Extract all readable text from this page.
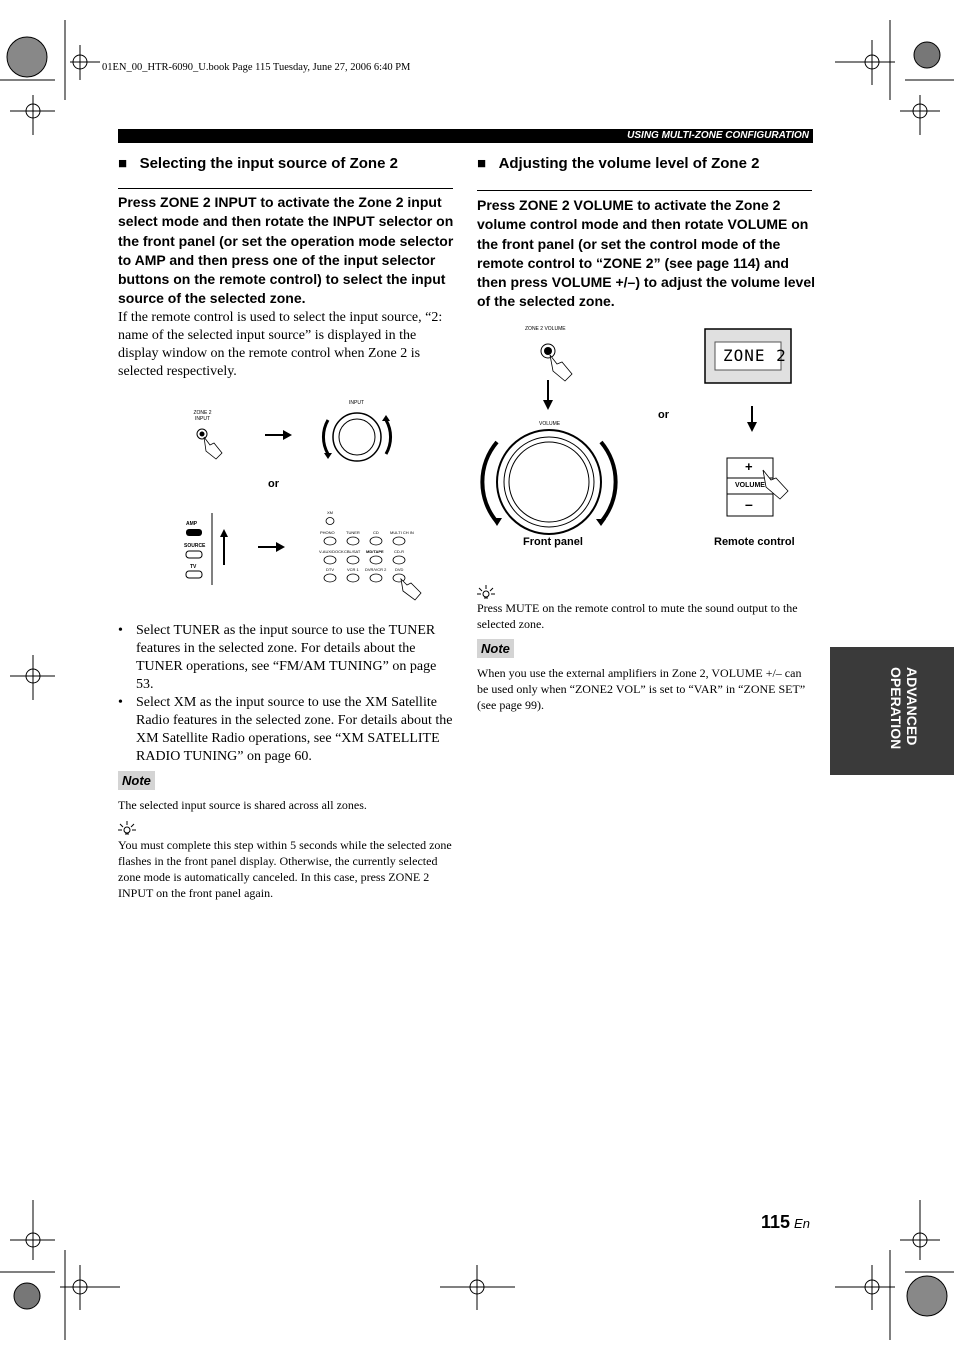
01EN_00_HTR-6090_U.book Page 115 Tuesday, June 27, 2006 6:40 PM
USING MULTI-ZONE CONFIGURATION
■   Selecting the input source of Zone 2
Press ZONE 2 INPUT to activate the Zone 2 input select mode and then rotate the INPUT selector on the front panel (or set the operation mode selector to AMP and then press one of the input selector buttons on the remote control) to select the input source of the selected zone.
If the remote control is used to select the input source, “2: name of the selected input source” is displayed in the display window on the remote control when Zone 2 is selected respectively.
ZONE 2
INPUT
INPUT
or
AMP
SOURCE
TV
XM
PHONO	TUNER	CD	MULTI CH IN
V-AUX/DOCK CBL/SAT MD/TAPE	CD-R
DTV	VCR 1 DVR/VCR 2 DVD
• Select TUNER as the input source to use the TUNER features in the selected zone. For details about the TUNER operations, see “FM/AM TUNING” on page 53.
• Select XM as the input source to use the XM Satellite Radio features in the selected zone. For details about the XM Satellite Radio operations, see “XM SATELLITE RADIO TUNING” on page 60.
Note
The selected input source is shared across all zones.
You must complete this step within 5 seconds while the selected zone flashes in the front panel display. Otherwise, the currently selected zone mode is automatically canceled. In this case, press ZONE 2 INPUT on the front panel again.
■   Adjusting the volume level of Zone 2
Press ZONE 2 VOLUME to activate the Zone 2 volume control mode and then rotate VOLUME on the front panel (or set the control mode of the remote control to “ZONE 2” (see page 114) and then press VOLUME +/–) to adjust the volume level of the selected zone.
ZONE 2 VOLUME
VOLUME
ZONE 2
or
+
VOLUME
–
Front panel	Remote control
Press MUTE on the remote control to mute the sound output to the selected zone.
Note
When you use the external amplifiers in Zone 2, VOLUME +/– can be used only when “ZONE2 VOL” is set to “VAR” in “ZONE SET” (see page 99).	ADVANCED OPERATION
115 En
